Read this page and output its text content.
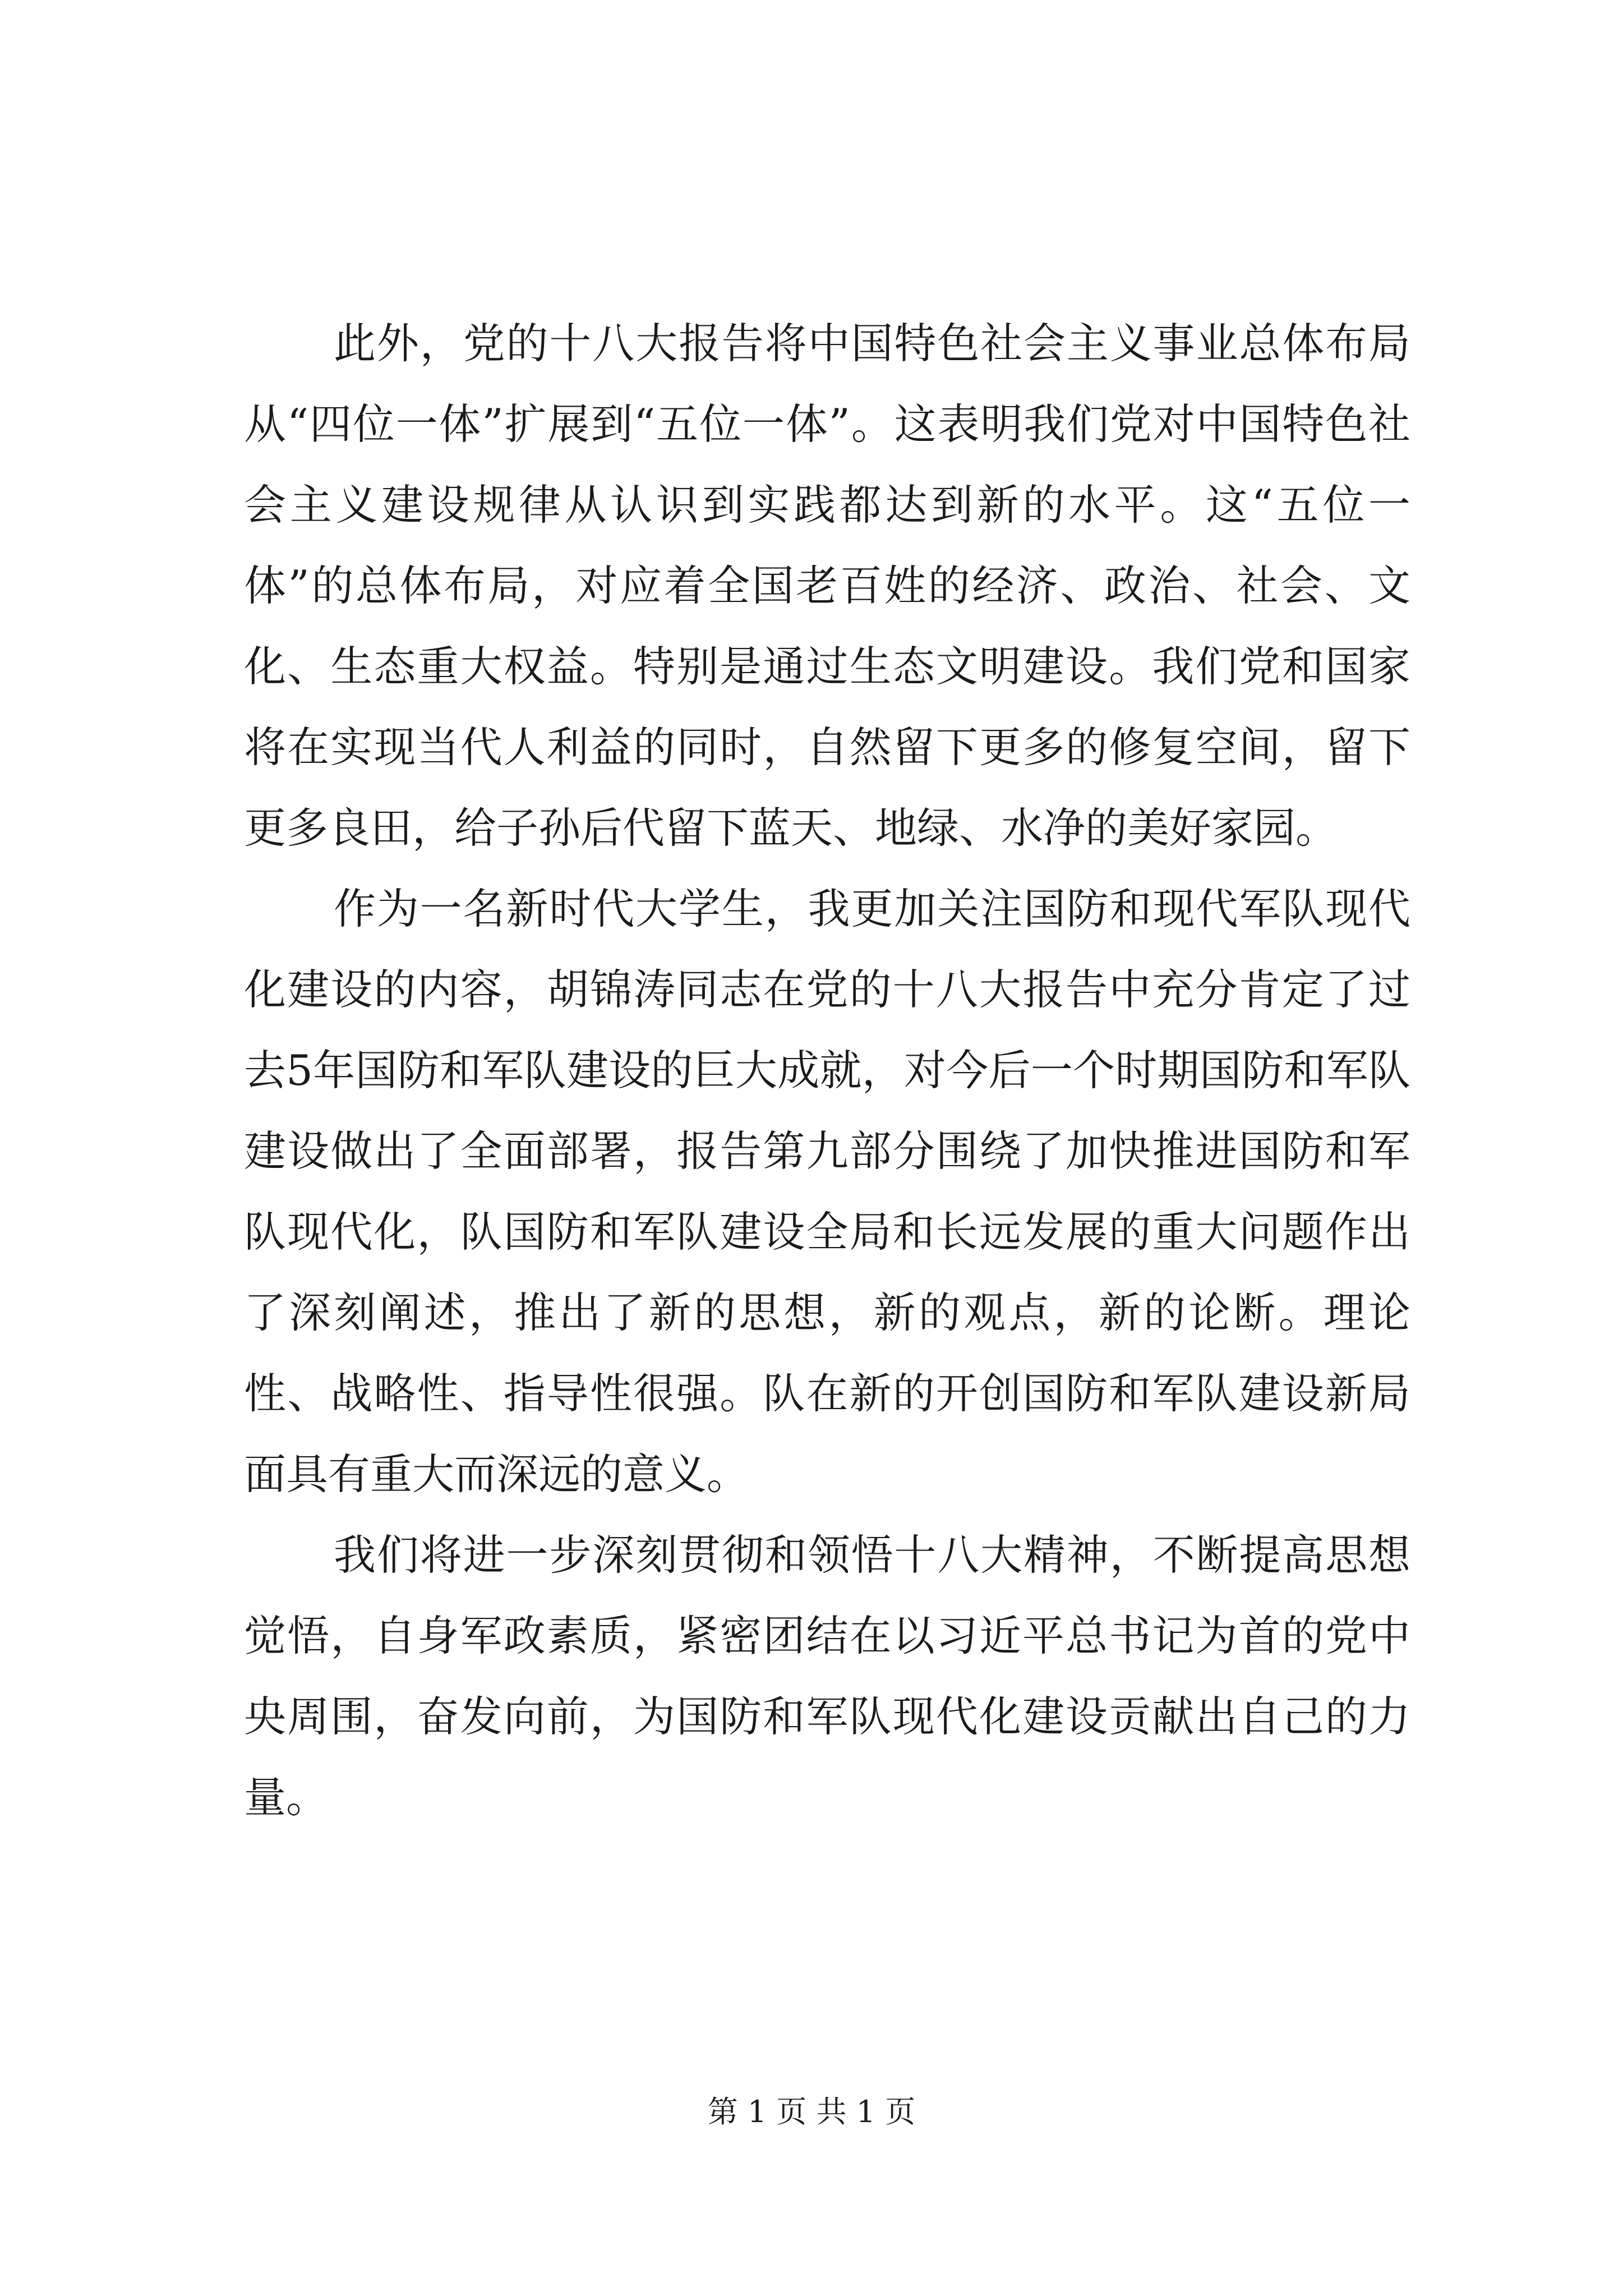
此外，党的十八大报告将中国特色社会主义事业总体布局从“四位一体”扩展到“五位一体”。这表明我们党对中国特色社会主义建设规律从认识到实践都达到新的水平。这“五位一体”的总体布局，对应着全国老百姓的经济、政治、社会、文化、生态重大权益。特别是通过生态文明建设。我们党和国家将在实现当代人利益的同时，自然留下更多的修复空间，留下更多良田，给子孙后代留下蓝天、地绿、水净的美好家园。

作为一名新时代大学生，我更加关注国防和现代军队现代化建设的内容，胡锦涛同志在党的十八大报告中充分肯定了过去5年国防和军队建设的巨大成就，对今后一个时期国防和军队建设做出了全面部署，报告第九部分围绕了加快推进国防和军队现代化，队国防和军队建设全局和长远发展的重大问题作出了深刻阐述，推出了新的思想，新的观点，新的论断。理论性、战略性、指导性很强。队在新的开创国防和军队建设新局面具有重大而深远的意义。

我们将进一步深刻贯彻和领悟十八大精神，不断提高思想觉悟，自身军政素质，紧密团结在以习近平总书记为首的党中央周围，奋发向前，为国防和军队现代化建设贡献出自己的力量。

第 1 页 共 1 页
